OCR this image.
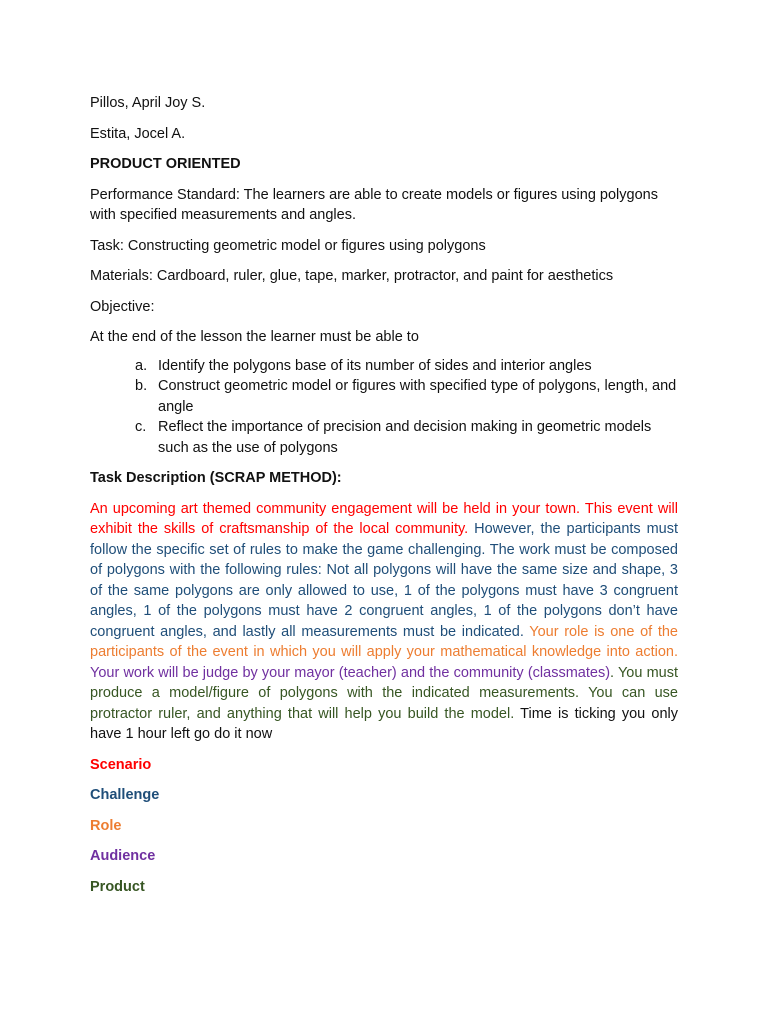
Pillos, April Joy S.

Estita, Jocel A.

PRODUCT ORIENTED

Performance Standard: The learners are able to create models or figures using polygons with specified measurements and angles.

Task: Constructing geometric model or figures using polygons

Materials: Cardboard, ruler, glue, tape, marker, protractor, and paint for aesthetics

Objective:

At the end of the lesson the learner must be able to

a. Identify the polygons base of its number of sides and interior angles
b. Construct geometric model or figures with specified type of polygons, length, and angle
c. Reflect the importance of precision and decision making in geometric models such as the use of polygons

Task Description (SCRAP METHOD):

An upcoming art themed community engagement will be held in your town. This event will exhibit the skills of craftsmanship of the local community. However, the participants must follow the specific set of rules to make the game challenging. The work must be composed of polygons with the following rules: Not all polygons will have the same size and shape, 3 of the same polygons are only allowed to use, 1 of the polygons must have 3 congruent angles, 1 of the polygons must have 2 congruent angles, 1 of the polygons don’t have congruent angles, and lastly all measurements must be indicated. Your role is one of the participants of the event in which you will apply your mathematical knowledge into action. Your work will be judge by your mayor (teacher) and the community (classmates). You must produce a model/figure of polygons with the indicated measurements. You can use protractor ruler, and anything that will help you build the model. Time is ticking you only have 1 hour left go do it now

Scenario

Challenge

Role

Audience

Product
